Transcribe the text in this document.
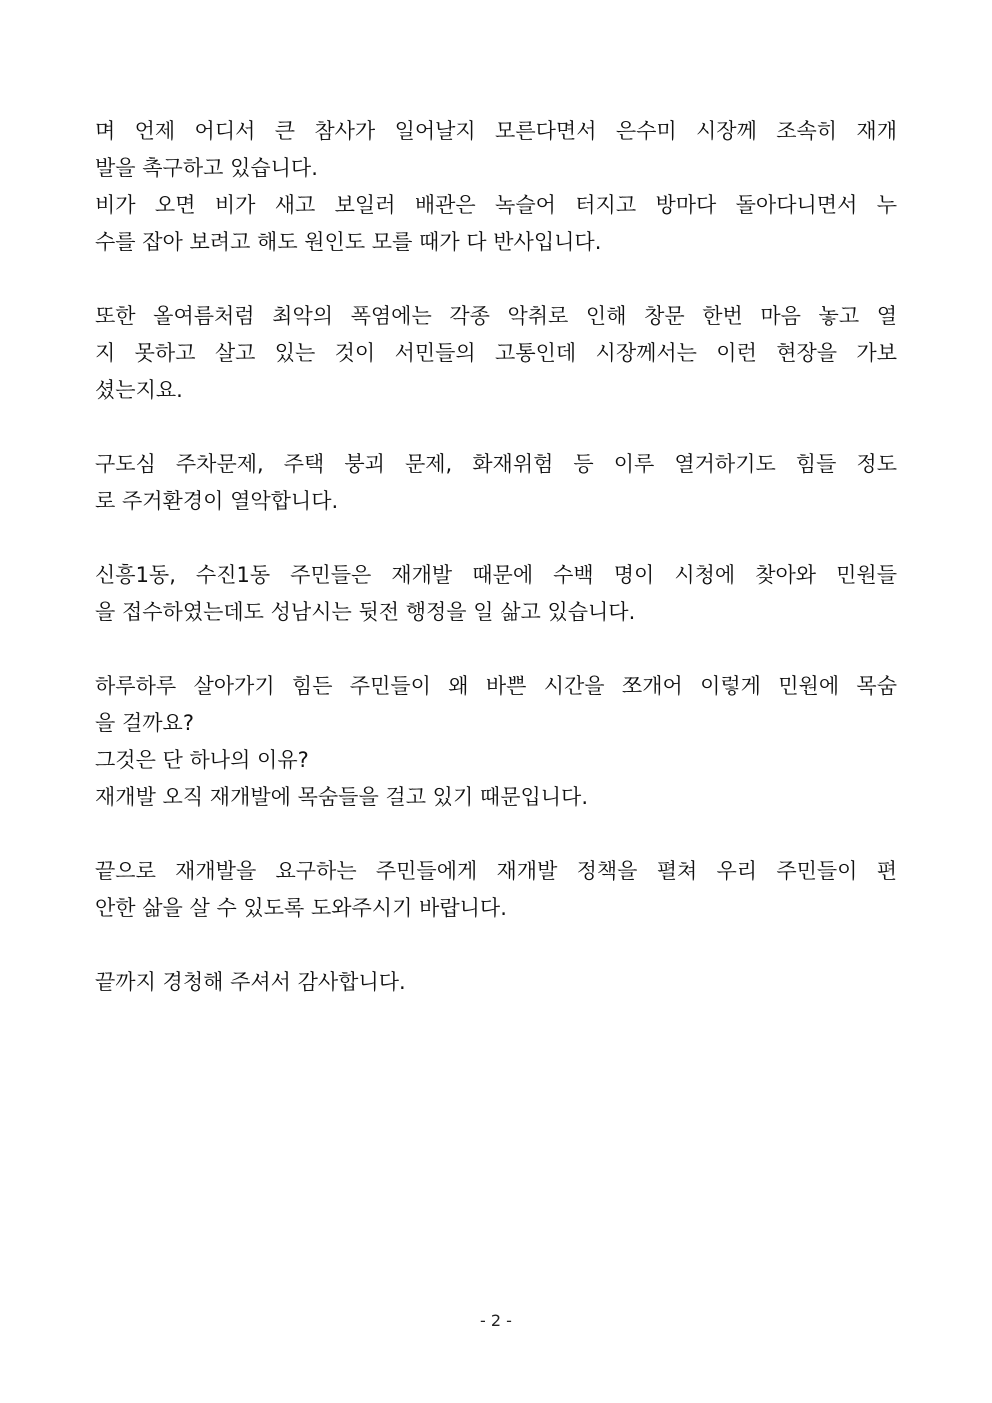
며 언제 어디서 큰 참사가 일어날지 모른다면서 은수미 시장께 조속히 재개
발을 촉구하고 있습니다.
비가 오면 비가 새고 보일러 배관은 녹슬어 터지고 방마다 돌아다니면서 누
수를 잡아 보려고 해도 원인도 모를 때가 다 반사입니다.
또한 올여름처럼 최악의 폭염에는 각종 악취로 인해 창문 한번 마음 놓고 열
지 못하고 살고 있는 것이 서민들의 고통인데 시장께서는 이런 현장을 가보
셨는지요.
구도심 주차문제, 주택 붕괴 문제, 화재위험 등 이루 열거하기도 힘들 정도
로 주거환경이 열악합니다.
신흥1동, 수진1동 주민들은 재개발 때문에 수백 명이 시청에 찾아와 민원들
을 접수하였는데도 성남시는 뒷전 행정을 일 삶고 있습니다.
하루하루 살아가기 힘든 주민들이 왜 바쁜 시간을 쪼개어 이렇게 민원에 목숨
을 걸까요?
그것은 단 하나의 이유?
재개발 오직 재개발에 목숨들을 걸고 있기 때문입니다.
끝으로 재개발을 요구하는 주민들에게 재개발 정책을 펼쳐 우리 주민들이 편
안한 삶을 살 수 있도록 도와주시기 바랍니다.
끝까지 경청해 주셔서 감사합니다.
- 2 -
